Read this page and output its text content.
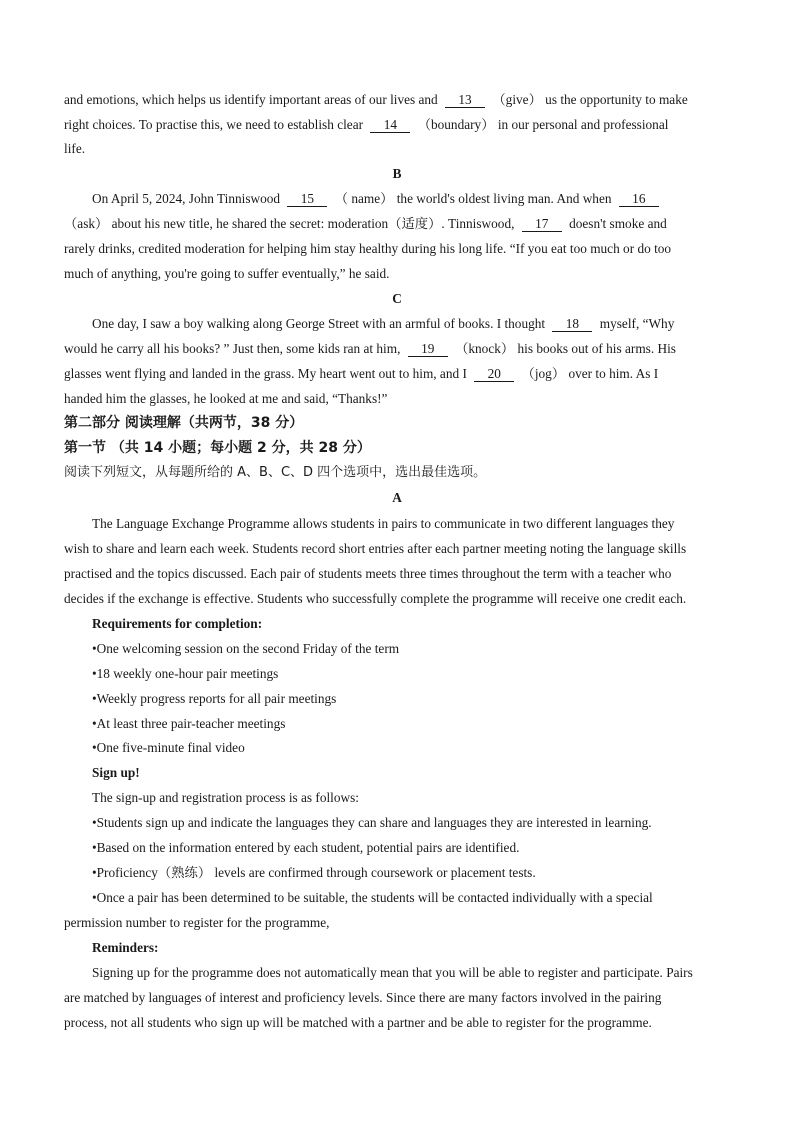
and emotions, which helps us identify important areas of our lives and 13 （give） us the opportunity to make
right choices. To practise this, we need to establish clear 14 （boundary） in our personal and professional
life.
B
On April 5, 2024, John Tinniswood 15 （ name） the world's oldest living man. And when 16
（ask） about his new title, he shared the secret: moderation（适度）. Tinniswood, 17 doesn't smoke and
rarely drinks, credited moderation for helping him stay healthy during his long life. “If you eat too much or do too
much of anything, you're going to suffer eventually,” he said.
C
One day, I saw a boy walking along George Street with an armful of books. I thought 18 myself, “Why
would he carry all his books? ” Just then, some kids ran at him, 19 （knock） his books out of his arms. His
glasses went flying and landed in the grass. My heart went out to him, and I 20 （jog） over to him. As I
handed him the glasses, he looked at me and said, “Thanks!”
第二部分 阅读理解（共两节，38 分）
第一节 （共 14 小题；每小题 2 分，共 28 分）
阅读下列短文，从每题所给的 A、B、C、D 四个选项中，选出最佳选项。
A
The Language Exchange Programme allows students in pairs to communicate in two different languages they
wish to share and learn each week. Students record short entries after each partner meeting noting the language skills
practised and the topics discussed. Each pair of students meets three times throughout the term with a teacher who
decides if the exchange is effective. Students who successfully complete the programme will receive one credit each.
Requirements for completion:
•One welcoming session on the second Friday of the term
•18 weekly one-hour pair meetings
•Weekly progress reports for all pair meetings
•At least three pair-teacher meetings
•One five-minute final video
Sign up!
The sign-up and registration process is as follows:
•Students sign up and indicate the languages they can share and languages they are interested in learning.
•Based on the information entered by each student, potential pairs are identified.
•Proficiency（熟练） levels are confirmed through coursework or placement tests.
•Once a pair has been determined to be suitable, the students will be contacted individually with a special
permission number to register for the programme,
Reminders:
Signing up for the programme does not automatically mean that you will be able to register and participate. Pairs
are matched by languages of interest and proficiency levels. Since there are many factors involved in the pairing
process, not all students who sign up will be matched with a partner and be able to register for the programme.
